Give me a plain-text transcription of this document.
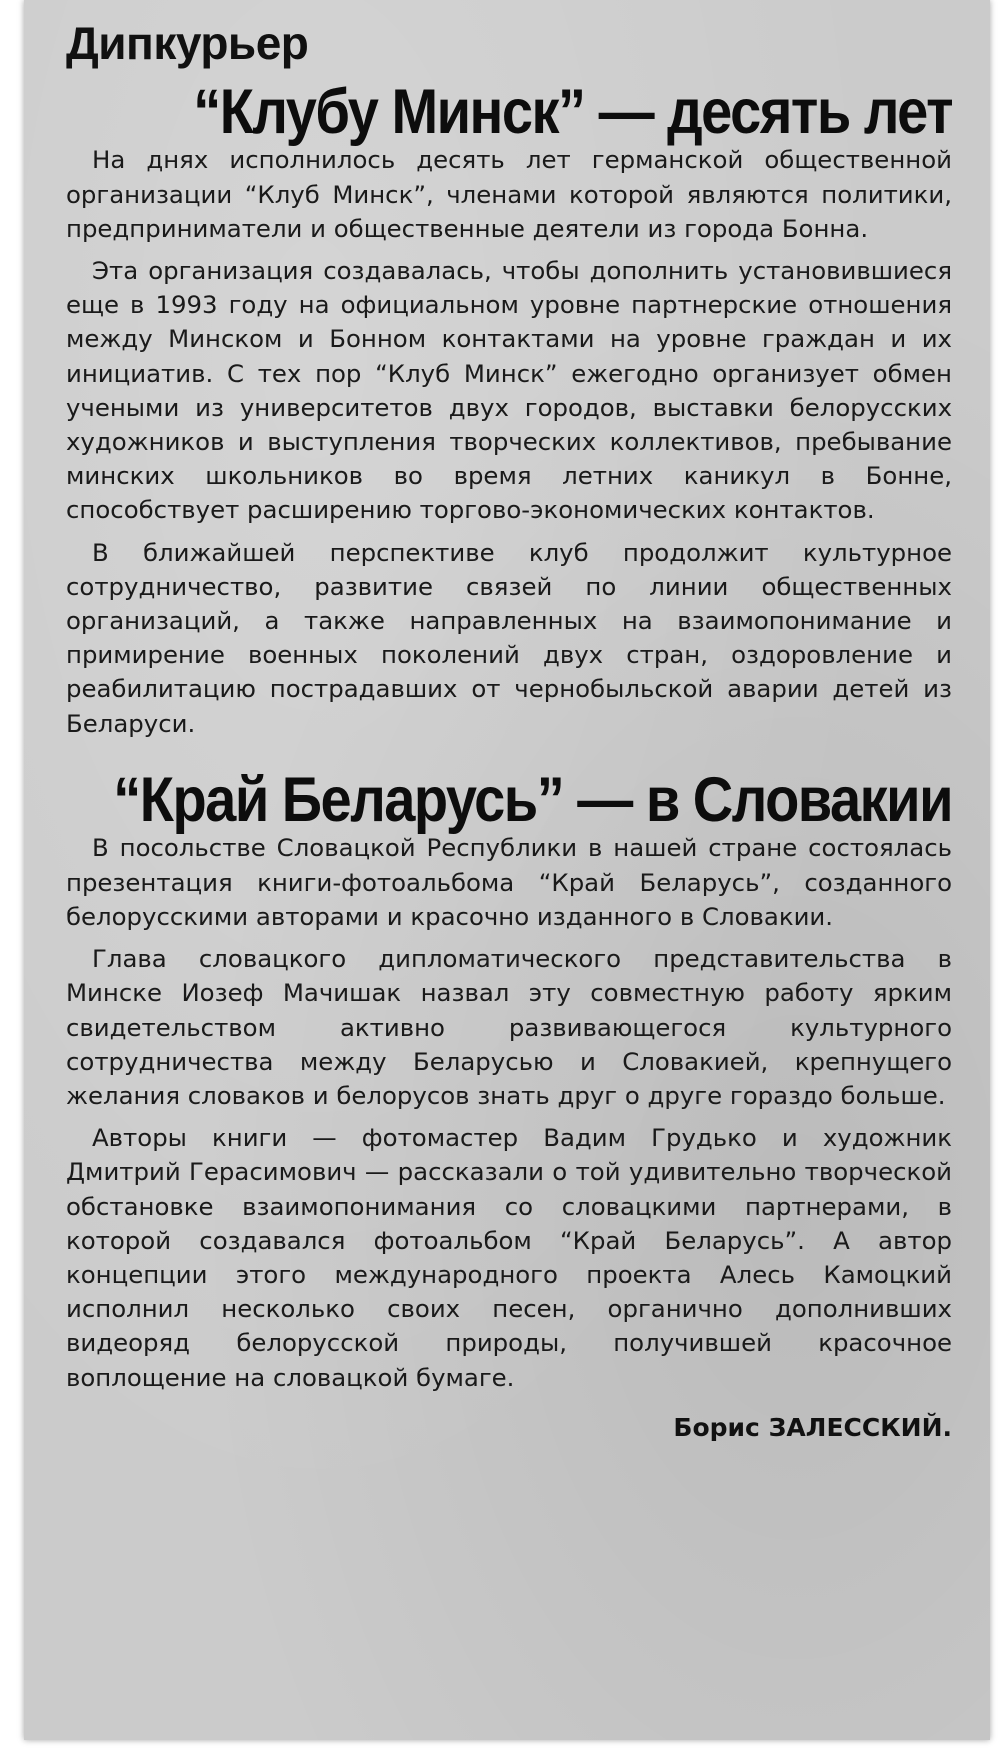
Дипкурьер
“Клубу Минск” — десять лет

На днях исполнилось десять лет германской общественной организации “Клуб Минск”, членами которой являются политики, предприниматели и общественные деятели из города Бонна.

Эта организация создавалась, чтобы дополнить установившиеся еще в 1993 году на официальном уровне партнерские отношения между Минском и Бонном контактами на уровне граждан и их инициатив. С тех пор “Клуб Минск” ежегодно организует обмен учеными из университетов двух городов, выставки белорусских художников и выступления творческих коллективов, пребывание минских школьников во время летних каникул в Бонне, способствует расширению торгово-экономических контактов.

В ближайшей перспективе клуб продолжит культурное сотрудничество, развитие связей по линии общественных организаций, а также направленных на взаимопонимание и примирение военных поколений двух стран, оздоровление и реабилитацию пострадавших от чернобыльской аварии детей из Беларуси.

“Край Беларусь” — в Словакии

В посольстве Словацкой Республики в нашей стране состоялась презентация книги-фотоальбома “Край Беларусь”, созданного белорусскими авторами и красочно изданного в Словакии.

Глава словацкого дипломатического представительства в Минске Иозеф Мачишак назвал эту совместную работу ярким свидетельством активно развивающегося культурного сотрудничества между Беларусью и Словакией, крепнущего желания словаков и белорусов знать друг о друге гораздо больше.

Авторы книги — фотомастер Вадим Грудько и художник Дмитрий Герасимович — рассказали о той удивительно творческой обстановке взаимопонимания со словацкими партнерами, в которой создавался фотоальбом “Край Беларусь”. А автор концепции этого международного проекта Алесь Камоцкий исполнил несколько своих песен, органично дополнивших видеоряд белорусской природы, получившей красочное воплощение на словацкой бумаге.

Борис ЗАЛЕССКИЙ.
